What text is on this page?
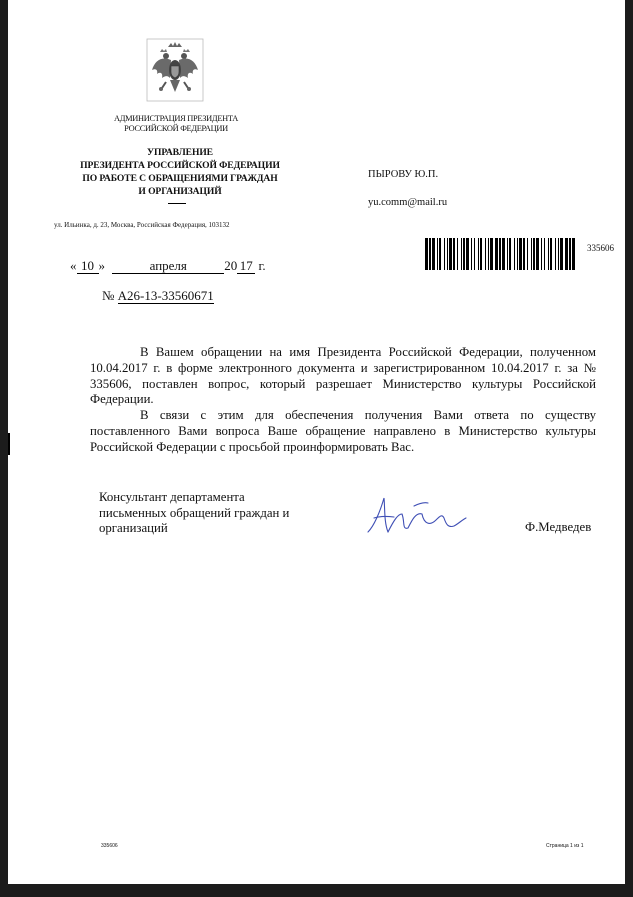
АДМИНИСТРАЦИЯ ПРЕЗИДЕНТА
РОССИЙСКОЙ ФЕДЕРАЦИИ
УПРАВЛЕНИЕ
ПРЕЗИДЕНТА РОССИЙСКОЙ ФЕДЕРАЦИИ
ПО РАБОТЕ С ОБРАЩЕНИЯМИ ГРАЖДАН
И ОРГАНИЗАЦИЙ
ул. Ильинка, д. 23, Москва, Российская Федерация, 103132
ПЫРОВУ Ю.П.
yu.comm@mail.ru
335606
« 10 »	апреля	20 17 г.
№ А26-13-33560671

В Вашем обращении на имя Президента Российской Федерации, полученном 10.04.2017 г. в форме электронного документа и зарегистрированном 10.04.2017 г. за № 335606, поставлен вопрос, который разрешает Министерство культуры Российской Федерации.

В связи с этим для обеспечения получения Вами ответа по существу поставленного Вами вопроса Ваше обращение направлено в Министерство культуры Российской Федерации с просьбой проинформировать Вас.

Консультант департамента
письменных обращений граждан и
организаций	Ф.Медведев
335606	Страница 1 из 1
